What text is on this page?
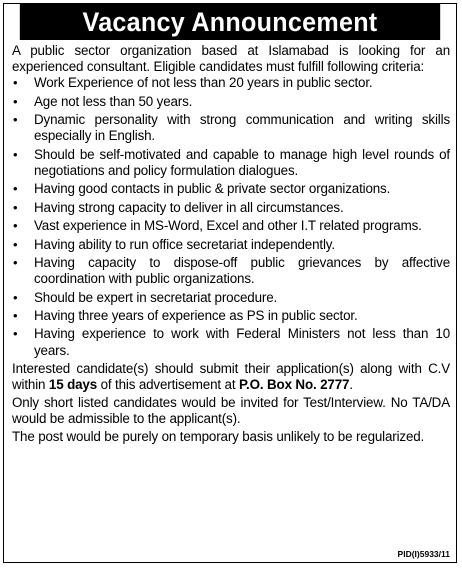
Vacancy Announcement

A public sector organization based at Islamabad is looking for an experienced consultant. Eligible candidates must fulfill following criteria:

• Work Experience of not less than 20 years in public sector.
• Age not less than 50 years.
• Dynamic personality with strong communication and writing skills especially in English.
• Should be self-motivated and capable to manage high level rounds of negotiations and policy formulation dialogues.
• Having good contacts in public & private sector organizations.
• Having strong capacity to deliver in all circumstances.
• Vast experience in MS-Word, Excel and other I.T related programs.
• Having ability to run office secretariat independently.
• Having capacity to dispose-off public grievances by affective coordination with public organizations.
• Should be expert in secretariat procedure.
• Having three years of experience as PS in public sector.
• Having experience to work with Federal Ministers not less than 10 years.

Interested candidate(s) should submit their application(s) along with C.V within 15 days of this advertisement at P.O. Box No. 2777.

Only short listed candidates would be invited for Test/Interview. No TA/DA would be admissible to the applicant(s).

The post would be purely on temporary basis unlikely to be regularized.

PID(I)5933/11
